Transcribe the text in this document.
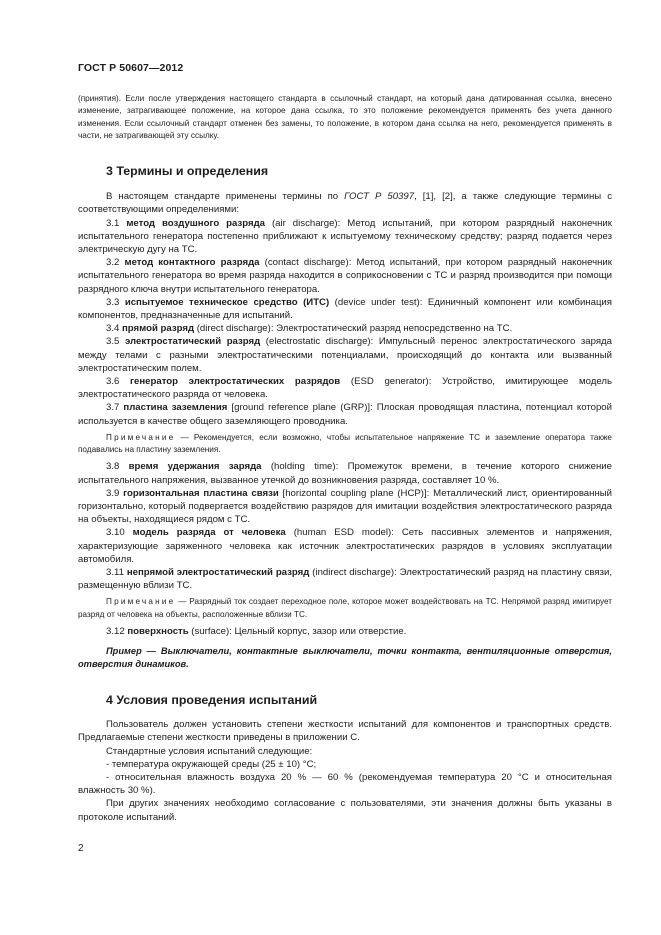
ГОСТ Р 50607—2012

(принятия). Если после утверждения настоящего стандарта в ссылочный стандарт, на который дана датированная ссылка, внесено изменение, затрагивающее положение, на которое дана ссылка, то это положение рекомендуется применять без учета данного изменения. Если ссылочный стандарт отменен без замены, то положение, в котором дана ссылка на него, рекомендуется применять в части, не затрагивающей эту ссылку.

3 Термины и определения

В настоящем стандарте применены термины по ГОСТ Р 50397, [1], [2], а также следующие термины с соответствующими определениями:

3.1 метод воздушного разряда (air discharge): Метод испытаний, при котором разрядный наконечник испытательного генератора постепенно приближают к испытуемому техническому средству; разряд подается через электрическую дугу на ТС.

3.2 метод контактного разряда (contact discharge): Метод испытаний, при котором разрядный наконечник испытательного генератора во время разряда находится в соприкосновении с ТС и разряд производится при помощи разрядного ключа внутри испытательного генератора.

3.3 испытуемое техническое средство (ИТС) (device under test): Единичный компонент или комбинация компонентов, предназначенные для испытаний.

3.4 прямой разряд (direct discharge): Электростатический разряд непосредственно на ТС.

3.5 электростатический разряд (electrostatic discharge): Импульсный перенос электростатического заряда между телами с разными электростатическими потенциалами, происходящий до контакта или вызванный электростатическим полем.

3.6 генератор электростатических разрядов (ESD generator): Устройство, имитирующее модель электростатического разряда от человека.

3.7 пластина заземления [ground reference plane (GRP)]: Плоская проводящая пластина, потенциал которой используется в качестве общего заземляющего проводника.

Примечание — Рекомендуется, если возможно, чтобы испытательное напряжение ТС и заземление оператора также подавались на пластину заземления.

3.8 время удержания заряда (holding time): Промежуток времени, в течение которого снижение испытательного напряжения, вызванное утечкой до возникновения разряда, составляет 10 %.

3.9 горизонтальная пластина связи [horizontal coupling plane (HCP)]: Металлический лист, ориентированный горизонтально, который подвергается воздействию разрядов для имитации воздействия электростатического разряда на объекты, находящиеся рядом с ТС.

3.10 модель разряда от человека (human ESD model): Сеть пассивных элементов и напряжения, характеризующие заряженного человека как источник электростатических разрядов в условиях эксплуатации автомобиля.

3.11 непрямой электростатический разряд (indirect discharge): Электростатический разряд на пластину связи, размещенную вблизи ТС.

Примечание — Разрядный ток создает переходное поле, которое может воздействовать на ТС. Непрямой разряд имитирует разряд от человека на объекты, расположенные вблизи ТС.

3.12 поверхность (surface): Цельный корпус, зазор или отверстие.

Пример — Выключатели, контактные выключатели, точки контакта, вентиляционные отверстия, отверстия динамиков.

4 Условия проведения испытаний

Пользователь должен установить степени жесткости испытаний для компонентов и транспортных средств. Предлагаемые степени жесткости приведены в приложении С.

Стандартные условия испытаний следующие:

- температура окружающей среды (25 ± 10) °С;

- относительная влажность воздуха 20 % — 60 % (рекомендуемая температура 20 °С и относительная влажность 30 %).

При других значениях необходимо согласование с пользователями, эти значения должны быть указаны в протоколе испытаний.

2
